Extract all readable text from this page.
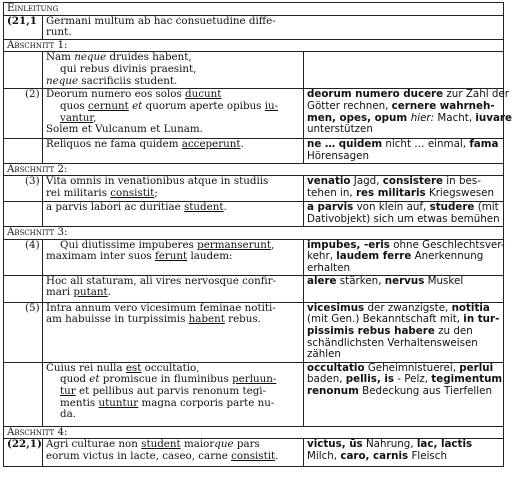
Einleitung		
(21,1	Germani multum ab hac consuetudine diffe-
runt.	

Abschnitt 1:		

	Nam neque druides habent,
qui rebus divinis praesint,
neque sacrificiis student.	

(2)	Deorum numero eos solos ducunt
quos cernunt et quorum aperte opibus iu-
vantur,
Solem et Vulcanum et Lunam.	deorum numero ducere zur Zahl der
Götter rechnen, cernere wahrneh-
men, opes, opum hier: Macht, iuvare
unterstützen

	Reliquos ne fama quidem acceperunt.	ne … quidem nicht … einmal, fama
Hörensagen

Abschnitt 2:		

(3)	Vita omnis in venationibus atque in studiis
rei militaris consistit;	venatio Jagd, consistere in bes-
tehen in, res militaris Kriegswesen

	a parvis labori ac duritiae student.	a parvis von klein auf, studere (mit
Dativobjekt) sich um etwas bemühen

Abschnitt 3:		

(4)	Qui diutissime impuberes permanserunt,
maximam inter suos ferunt laudem:	impubes, -eris ohne Geschlechtsver-
kehr, laudem ferre Anerkennung
erhalten

	Hoc ali staturam, ali vires nervosque confir-
mari putant.	alere stärken, nervus Muskel

(5)	Intra annum vero vicesimum feminae notiti-
am habuisse in turpissimis habent rebus.	vicesimus der zwanzigste, notitia
(mit Gen.) Bekanntschaft mit, in tur-
pissimis rebus habere zu den
schändlichsten Verhaltensweisen
zählen

	Cuius rei nulla est occultatio,
quod et promiscue in fluminibus perluun-
tur et pellibus aut parvis renonum tegi-
mentis utuntur magna corporis parte nu-
da.	occultatio Geheimnistuerei, perlui
baden, pellis, is - Pelz, tegimentum
renonum Bedeckung aus Tierfellen

Abschnitt 4:		
(22,1)	Agri culturae non student maiorque pars
eorum victus in lacte, caseo, carne consistit.	victus, ūs Nahrung, lac, lactis
Milch, caro, carnis Fleisch
